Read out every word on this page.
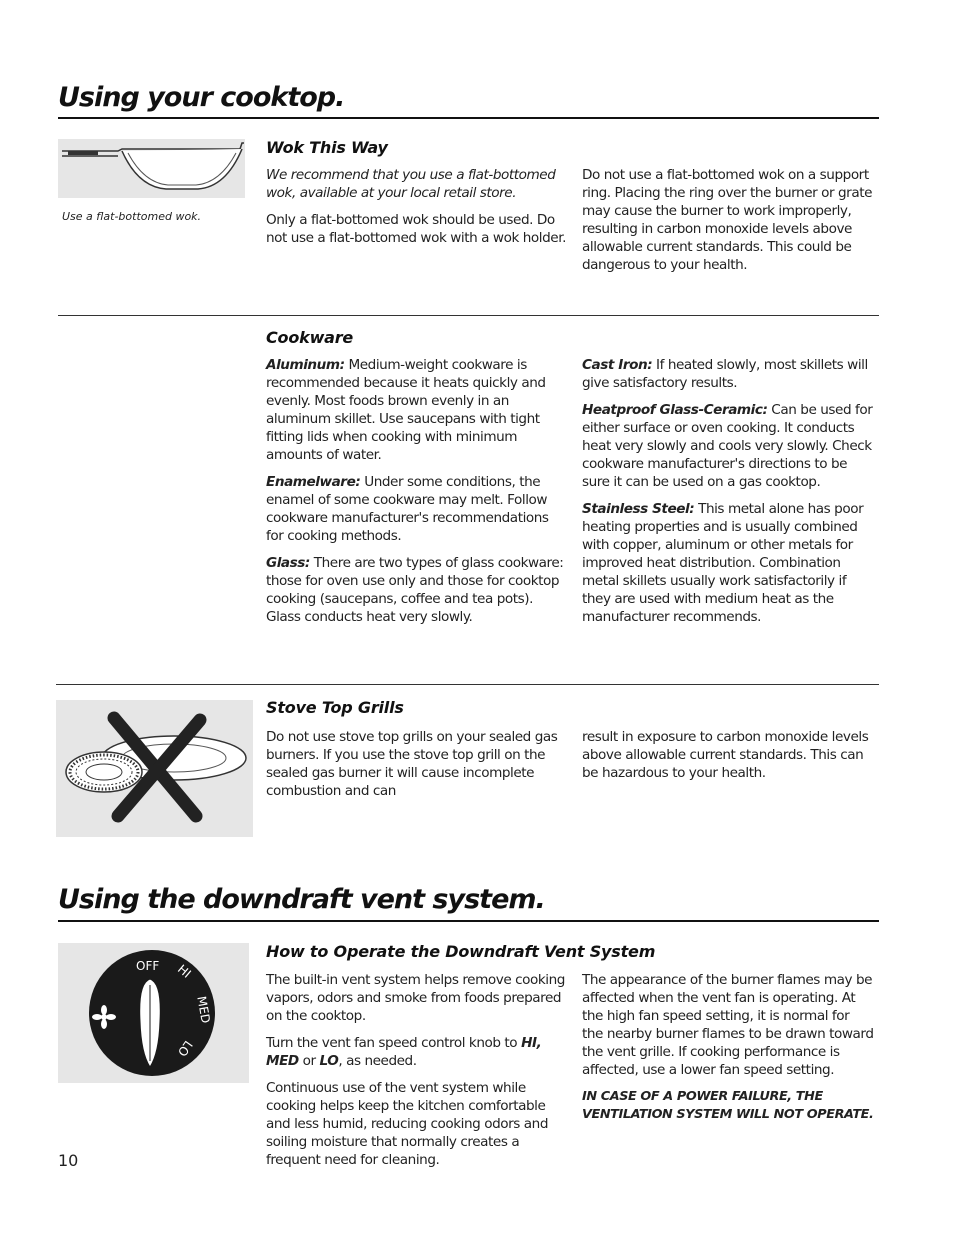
Using your cooktop.
Use a flat-bottomed wok.
Wok This Way

We recommend that you use a flat-bottomed wok, available at your local retail store.

Only a flat-bottomed wok should be used. Do not use a flat-bottomed wok with a wok holder.

Do not use a flat-bottomed wok on a support ring. Placing the ring over the burner or grate may cause the burner to work improperly, resulting in carbon monoxide levels above allowable current standards. This could be dangerous to your health.

Cookware

Aluminum: Medium-weight cookware is recommended because it heats quickly and evenly. Most foods brown evenly in an aluminum skillet. Use saucepans with tight fitting lids when cooking with minimum amounts of water.

Enamelware: Under some conditions, the enamel of some cookware may melt. Follow cookware manufacturer's recommendations for cooking methods.

Glass: There are two types of glass cookware: those for oven use only and those for cooktop cooking (saucepans, coffee and tea pots). Glass conducts heat very slowly.

Cast Iron: If heated slowly, most skillets will give satisfactory results.

Heatproof Glass-Ceramic: Can be used for either surface or oven cooking. It conducts heat very slowly and cools very slowly. Check cookware manufacturer's directions to be sure it can be used on a gas cooktop.

Stainless Steel: This metal alone has poor heating properties and is usually combined with copper, aluminum or other metals for improved heat distribution. Combination metal skillets usually work satisfactorily if they are used with medium heat as the manufacturer recommends.

Stove Top Grills

Do not use stove top grills on your sealed gas burners. If you use the stove top grill on the sealed gas burner it will cause incomplete combustion and can

result in exposure to carbon monoxide levels above allowable current standards. This can be hazardous to your health.

Using the downdraft vent system.
OFF HI
MED
LO
How to Operate the Downdraft Vent System

The built-in vent system helps remove cooking vapors, odors and smoke from foods prepared on the cooktop.

Turn the vent fan speed control knob to HI, MED or LO, as needed.

Continuous use of the vent system while cooking helps keep the kitchen comfortable and less humid, reducing cooking odors and soiling moisture that normally creates a frequent need for cleaning.

The appearance of the burner flames may be affected when the vent fan is operating. At the high fan speed setting, it is normal for the nearby burner flames to be drawn toward the vent grille. If cooking performance is affected, use a lower fan speed setting.

IN CASE OF A POWER FAILURE, THE VENTILATION SYSTEM WILL NOT OPERATE.

10
